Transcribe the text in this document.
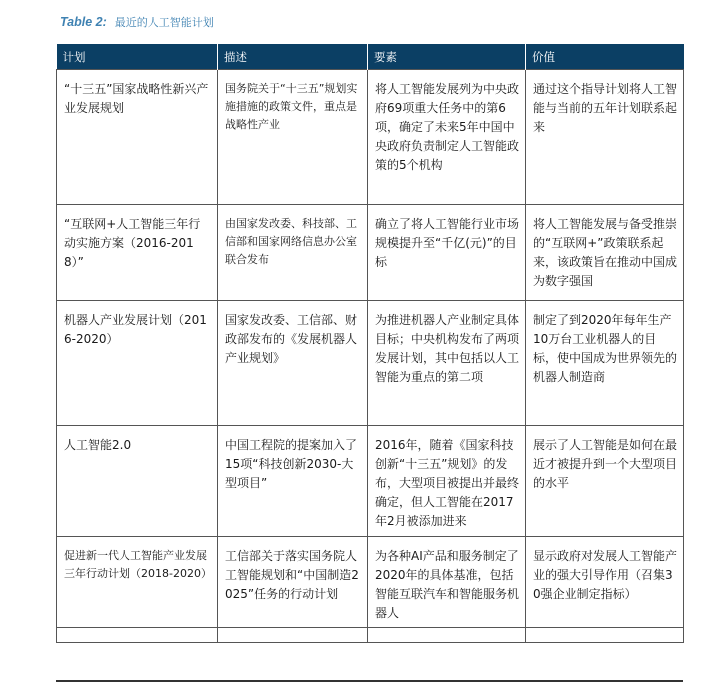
Table 2: 最近的人工智能计划
计划	描述	要素	价值
“十三五”国家战略性新兴产业发展规划	国务院关于“十三五”规划实施措施的政策文件，重点是战略性产业	将人工智能发展列为中央政府69项重大任务中的第6项，确定了未来5年中国中央政府负责制定人工智能政策的5个机构	通过这个指导计划将人工智能与当前的五年计划联系起来
“互联网+人工智能三年行动实施方案（2016-2018）”	由国家发改委、科技部、工信部和国家网络信息办公室联合发布	确立了将人工智能行业市场规模提升至“千亿(元)”的目标	将人工智能发展与备受推崇的“互联网+”政策联系起来，该政策旨在推动中国成为数字强国
机器人产业发展计划（2016-2020）	国家发改委、工信部、财政部发布的《发展机器人产业规划》	为推进机器人产业制定具体目标；中央机构发布了两项发展计划，其中包括以人工智能为重点的第二项	制定了到2020年每年生产10万台工业机器人的目标，使中国成为世界领先的机器人制造商
人工智能2.0	中国工程院的提案加入了15项“科技创新2030-大型项目”	2016年，随着《国家科技创新“十三五”规划》的发布，大型项目被提出并最终确定，但人工智能在2017年2月被添加进来	展示了人工智能是如何在最近才被提升到一个大型项目的水平
促进新一代人工智能产业发展三年行动计划（2018-2020）	工信部关于落实国务院人工智能规划和“中国制造2025”任务的行动计划	为各种AI产品和服务制定了2020年的具体基准，包括智能互联汽车和智能服务机器人	显示政府对发展人工智能产业的强大引导作用（召集30强企业制定指标）
